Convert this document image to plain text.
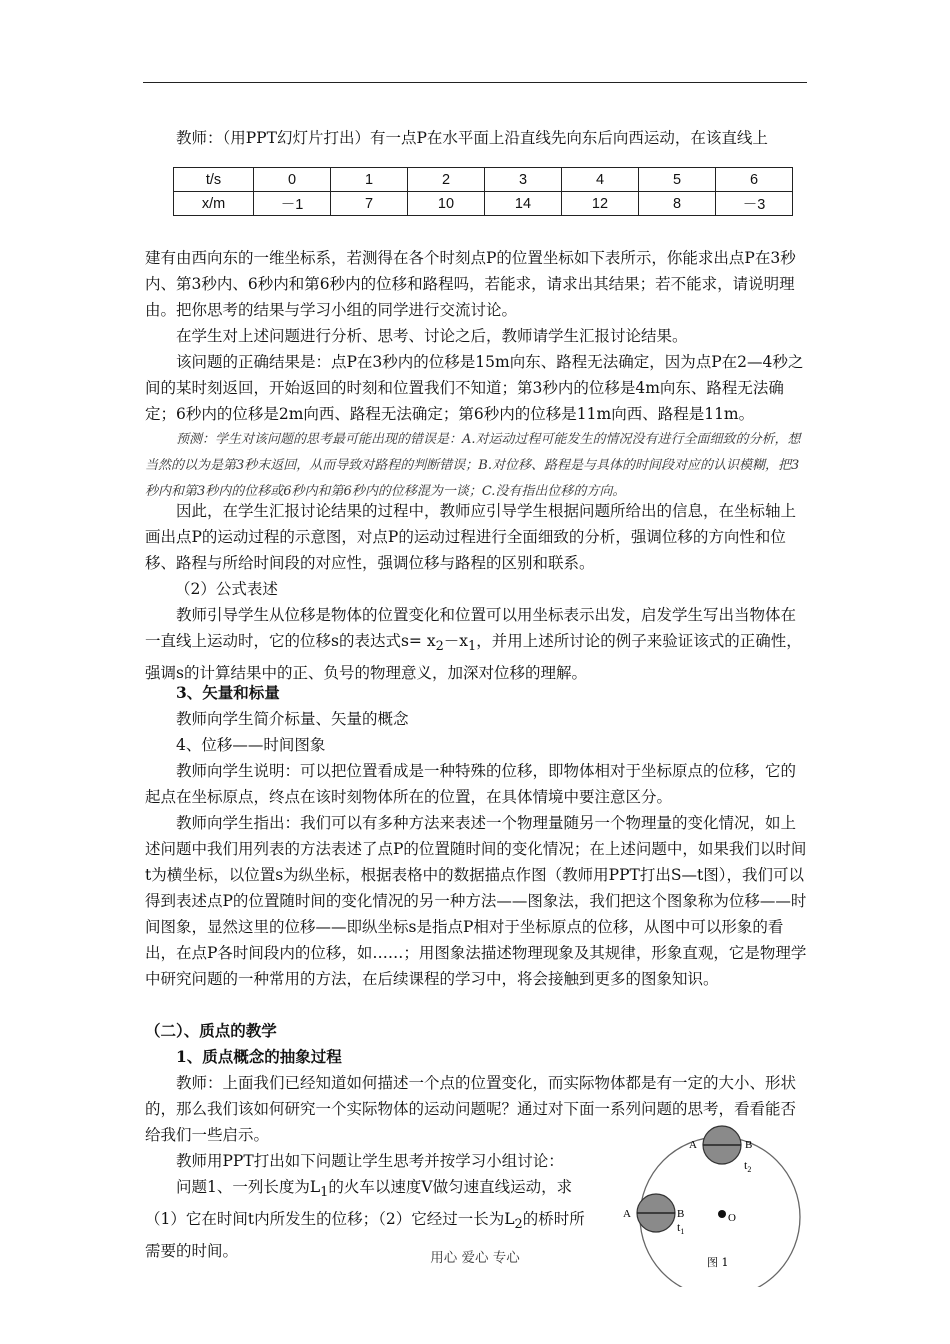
教师：（用PPT幻灯片打出）有一点P在水平面上沿直线先向东后向西运动，在该直线上

t/s	0	1	2	3	4	5	6
x/m	－1	7	10	14	12	8	－3

建有由西向东的一维坐标系，若测得在各个时刻点P的位置坐标如下表所示，你能求出点P在3秒内、第3秒内、6秒内和第6秒内的位移和路程吗，若能求，请求出其结果；若不能求，请说明理由。把你思考的结果与学习小组的同学进行交流讨论。

在学生对上述问题进行分析、思考、讨论之后，教师请学生汇报讨论结果。

该问题的正确结果是：点P在3秒内的位移是15m向东、路程无法确定，因为点P在2—4秒之间的某时刻返回，开始返回的时刻和位置我们不知道；第3秒内的位移是4m向东、路程无法确定；6秒内的位移是2m向西、路程无法确定；第6秒内的位移是11m向西、路程是11m。

预测：学生对该问题的思考最可能出现的错误是：A.对运动过程可能发生的情况没有进行全面细致的分析，想当然的以为是第3秒末返回，从而导致对路程的判断错误；B.对位移、路程是与具体的时间段对应的认识模糊，把3秒内和第3秒内的位移或6秒内和第6秒内的位移混为一谈；C.没有指出位移的方向。

因此，在学生汇报讨论结果的过程中，教师应引导学生根据问题所给出的信息，在坐标轴上画出点P的运动过程的示意图，对点P的运动过程进行全面细致的分析，强调位移的方向性和位移、路程与所给时间段的对应性，强调位移与路程的区别和联系。

（2）公式表述

教师引导学生从位移是物体的位置变化和位置可以用坐标表示出发，启发学生写出当物体在一直线上运动时，它的位移s的表达式$s= x_2-x_1$，并用上述所讨论的例子来验证该式的正确性，强调s的计算结果中的正、负号的物理意义，加深对位移的理解。

3、矢量和标量

教师向学生简介标量、矢量的概念

4、位移——时间图象

教师向学生说明：可以把位置看成是一种特殊的位移，即物体相对于坐标原点的位移，它的起点在坐标原点，终点在该时刻物体所在的位置，在具体情境中要注意区分。

教师向学生指出：我们可以有多种方法来表述一个物理量随另一个物理量的变化情况，如上述问题中我们用列表的方法表述了点P的位置随时间的变化情况；在上述问题中，如果我们以时间t为横坐标，以位置s为纵坐标，根据表格中的数据描点作图（教师用PPT打出S—t图），我们可以得到表述点P的位置随时间的变化情况的另一种方法——图象法，我们把这个图象称为位移——时间图象，显然这里的位移——即纵坐标s是指点P相对于坐标原点的位移，从图中可以形象的看出，在点P各时间段内的位移，如……；用图象法描述物理现象及其规律，形象直观，它是物理学中研究问题的一种常用的方法，在后续课程的学习中，将会接触到更多的图象知识。

（二）、质点的教学

1、质点概念的抽象过程

教师：上面我们已经知道如何描述一个点的位置变化，而实际物体都是有一定的大小、形状的，那么我们该如何研究一个实际物体的运动问题呢？通过对下面一系列问题的思考，看看能否给我们一些启示。

教师用PPT打出如下问题让学生思考并按学习小组讨论：

问题1、一列长度为$L_1$的火车以速度V做匀速直线运动，求（1）它在时间t内所发生的位移；（2）它经过一长为$L_2$的桥时所需要的时间。

A	B
$t_2$
A	B
$t_1$
O
图 1
用心 爱心 专心
